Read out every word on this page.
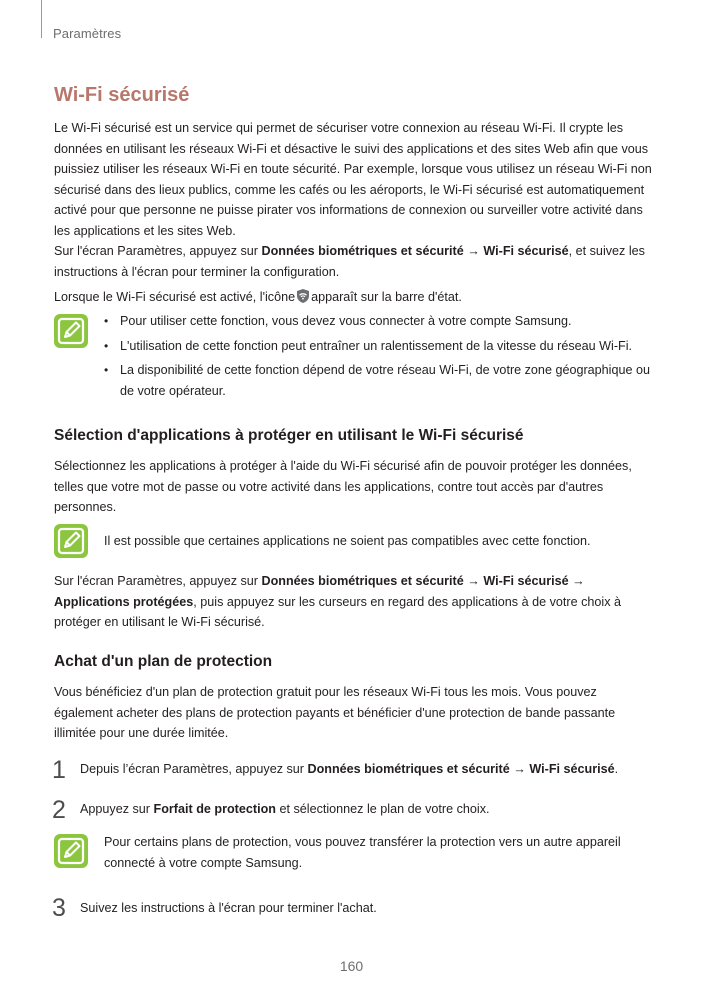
Paramètres
Wi-Fi sécurisé

Le Wi-Fi sécurisé est un service qui permet de sécuriser votre connexion au réseau Wi-Fi. Il crypte les données en utilisant les réseaux Wi-Fi et désactive le suivi des applications et des sites Web afin que vous puissiez utiliser les réseaux Wi-Fi en toute sécurité. Par exemple, lorsque vous utilisez un réseau Wi-Fi non sécurisé dans des lieux publics, comme les cafés ou les aéroports, le Wi-Fi sécurisé est automatiquement activé pour que personne ne puisse pirater vos informations de connexion ou surveiller votre activité dans les applications et les sites Web.

Sur l'écran Paramètres, appuyez sur Données biométriques et sécurité → Wi-Fi sécurisé, et suivez les instructions à l'écran pour terminer la configuration.

Lorsque le Wi-Fi sécurisé est activé, l'icône apparaît sur la barre d'état.

• Pour utiliser cette fonction, vous devez vous connecter à votre compte Samsung.
• L'utilisation de cette fonction peut entraîner un ralentissement de la vitesse du réseau Wi-Fi.
• La disponibilité de cette fonction dépend de votre réseau Wi-Fi, de votre zone géographique ou de votre opérateur.
Sélection d'applications à protéger en utilisant le Wi-Fi sécurisé

Sélectionnez les applications à protéger à l'aide du Wi-Fi sécurisé afin de pouvoir protéger les données, telles que votre mot de passe ou votre activité dans les applications, contre tout accès par d'autres personnes.

Il est possible que certaines applications ne soient pas compatibles avec cette fonction.

Sur l'écran Paramètres, appuyez sur Données biométriques et sécurité → Wi-Fi sécurisé → Applications protégées, puis appuyez sur les curseurs en regard des applications à de votre choix à protéger en utilisant le Wi-Fi sécurisé.

Achat d'un plan de protection

Vous bénéficiez d'un plan de protection gratuit pour les réseaux Wi-Fi tous les mois. Vous pouvez également acheter des plans de protection payants et bénéficier d'une protection de bande passante illimitée pour une durée limitée.

1 Depuis l’écran Paramètres, appuyez sur Données biométriques et sécurité → Wi-Fi sécurisé.

2 Appuyez sur Forfait de protection et sélectionnez le plan de votre choix.

Pour certains plans de protection, vous pouvez transférer la protection vers un autre appareil connecté à votre compte Samsung.

3 Suivez les instructions à l'écran pour terminer l'achat.

160
